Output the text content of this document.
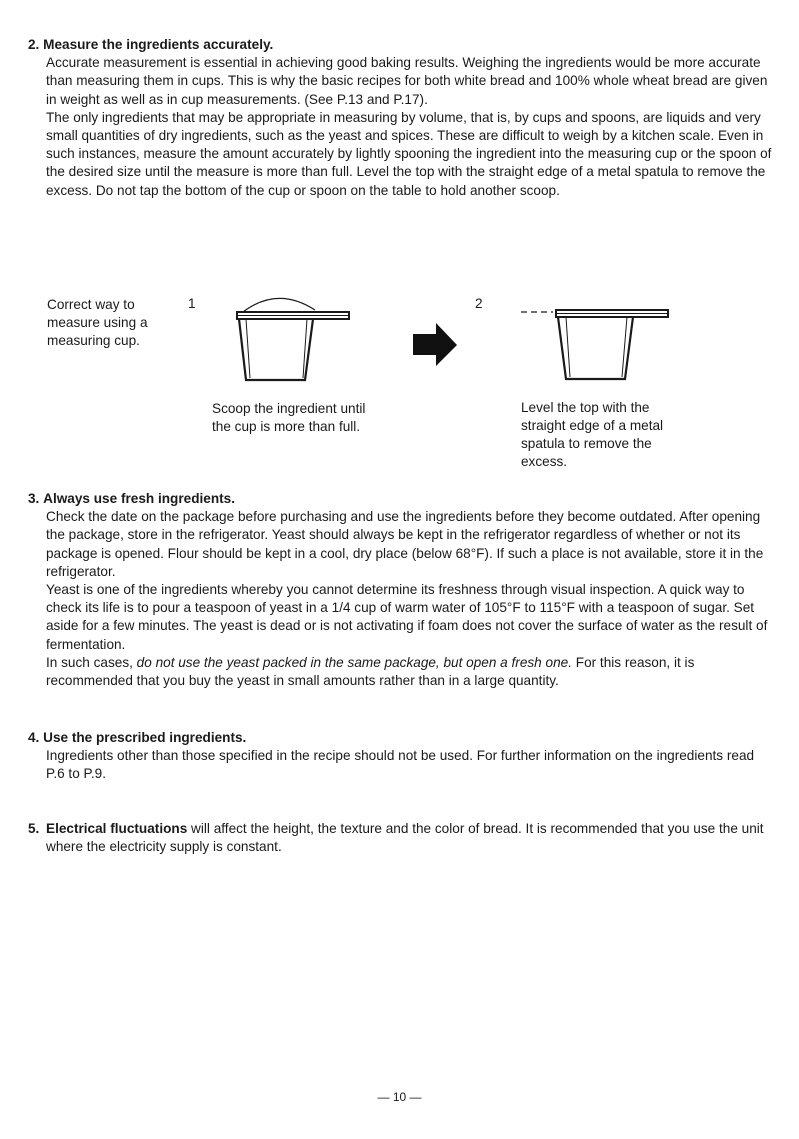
2. Measure the ingredients accurately.

Accurate measurement is essential in achieving good baking results. Weighing the ingredients would be more accurate than measuring them in cups. This is why the basic recipes for both white bread and 100% whole wheat bread are given in weight as well as in cup measurements. (See P.13 and P.17).

The only ingredients that may be appropriate in measuring by volume, that is, by cups and spoons, are liquids and very small quantities of dry ingredients, such as the yeast and spices. These are difficult to weigh by a kitchen scale. Even in such instances, measure the amount accurately by lightly spooning the ingredient into the measuring cup or the spoon of the desired size until the measure is more than full. Level the top with the straight edge of a metal spatula to remove the excess. Do not tap the bottom of the cup or spoon on the table to hold another scoop.

Correct way to measure using a measuring cup.
1
Scoop the ingredient until the cup is more than full.
2
Level the top with the straight edge of a metal spatula to remove the excess.
3. Always use fresh ingredients.

Check the date on the package before purchasing and use the ingredients before they become outdated. After opening the package, store in the refrigerator. Yeast should always be kept in the refrigerator regardless of whether or not its package is opened. Flour should be kept in a cool, dry place (below 68°F). If such a place is not available, store it in the refrigerator.

Yeast is one of the ingredients whereby you cannot determine its freshness through visual inspection. A quick way to check its life is to pour a teaspoon of yeast in a 1/4 cup of warm water of 105°F to 115°F with a teaspoon of sugar. Set aside for a few minutes. The yeast is dead or is not activating if foam does not cover the surface of water as the result of fermentation.

In such cases, do not use the yeast packed in the same package, but open a fresh one. For this reason, it is recommended that you buy the yeast in small amounts rather than in a large quantity.

4. Use the prescribed ingredients.

Ingredients other than those specified in the recipe should not be used. For further information on the ingredients read P.6 to P.9.

5. Electrical fluctuations will affect the height, the texture and the color of bread. It is recommended that you use the unit where the electricity supply is constant.

— 10 —
